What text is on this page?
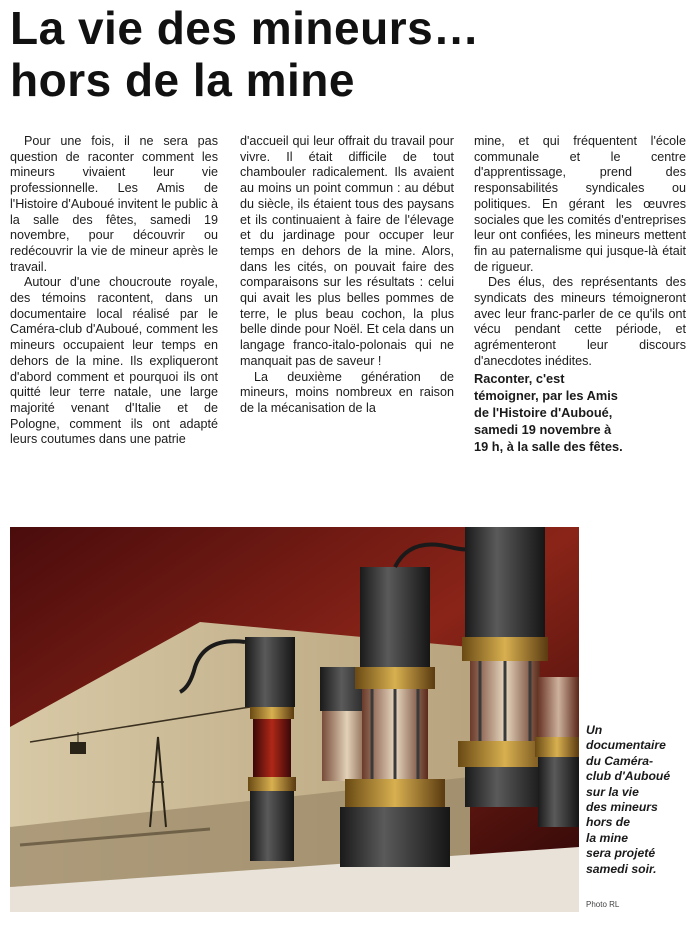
La vie des mineurs…
hors de la mine

Pour une fois, il ne sera pas question de raconter comment les mineurs vivaient leur vie professionnelle. Les Amis de l'Histoire d'Auboué invitent le public à la salle des fêtes, samedi 19 novembre, pour découvrir ou redécouvrir la vie de mineur après le travail.

Autour d'une choucroute royale, des témoins racontent, dans un documentaire local réalisé par le Caméra-club d'Auboué, comment les mineurs occupaient leur temps en dehors de la mine. Ils expliqueront d'abord comment et pourquoi ils ont quitté leur terre natale, une large majorité venant d'Italie et de Pologne, comment ils ont adapté leurs coutumes dans une patrie

d'accueil qui leur offrait du travail pour vivre. Il était difficile de tout chambouler radicalement. Ils avaient au moins un point commun : au début du siècle, ils étaient tous des paysans et ils continuaient à faire de l'élevage et du jardinage pour occuper leur temps en dehors de la mine. Alors, dans les cités, on pouvait faire des comparaisons sur les résultats : celui qui avait les plus belles pommes de terre, le plus beau cochon, la plus belle dinde pour Noël. Et cela dans un langage franco-italo-polonais qui ne manquait pas de saveur !

La deuxième génération de mineurs, moins nombreux en raison de la mécanisation de la

mine, et qui fréquentent l'école communale et le centre d'apprentissage, prend des responsabilités syndicales ou politiques. En gérant les œuvres sociales que les comités d'entreprises leur ont confiées, les mineurs mettent fin au paternalisme qui jusque-là était de rigueur.

Des élus, des représentants des syndicats des mineurs témoigneront avec leur franc-parler de ce qu'ils ont vécu pendant cette période, et agrémenteront leur discours d'anecdotes inédites.

Raconter, c'est
témoigner, par les Amis
de l'Histoire d'Auboué,
samedi 19 novembre à
19 h, à la salle des fêtes.

Un
documentaire
du Caméra-
club d'Auboué
sur la vie
des mineurs
hors de
la mine
sera projeté
samedi soir.
Photo RL
